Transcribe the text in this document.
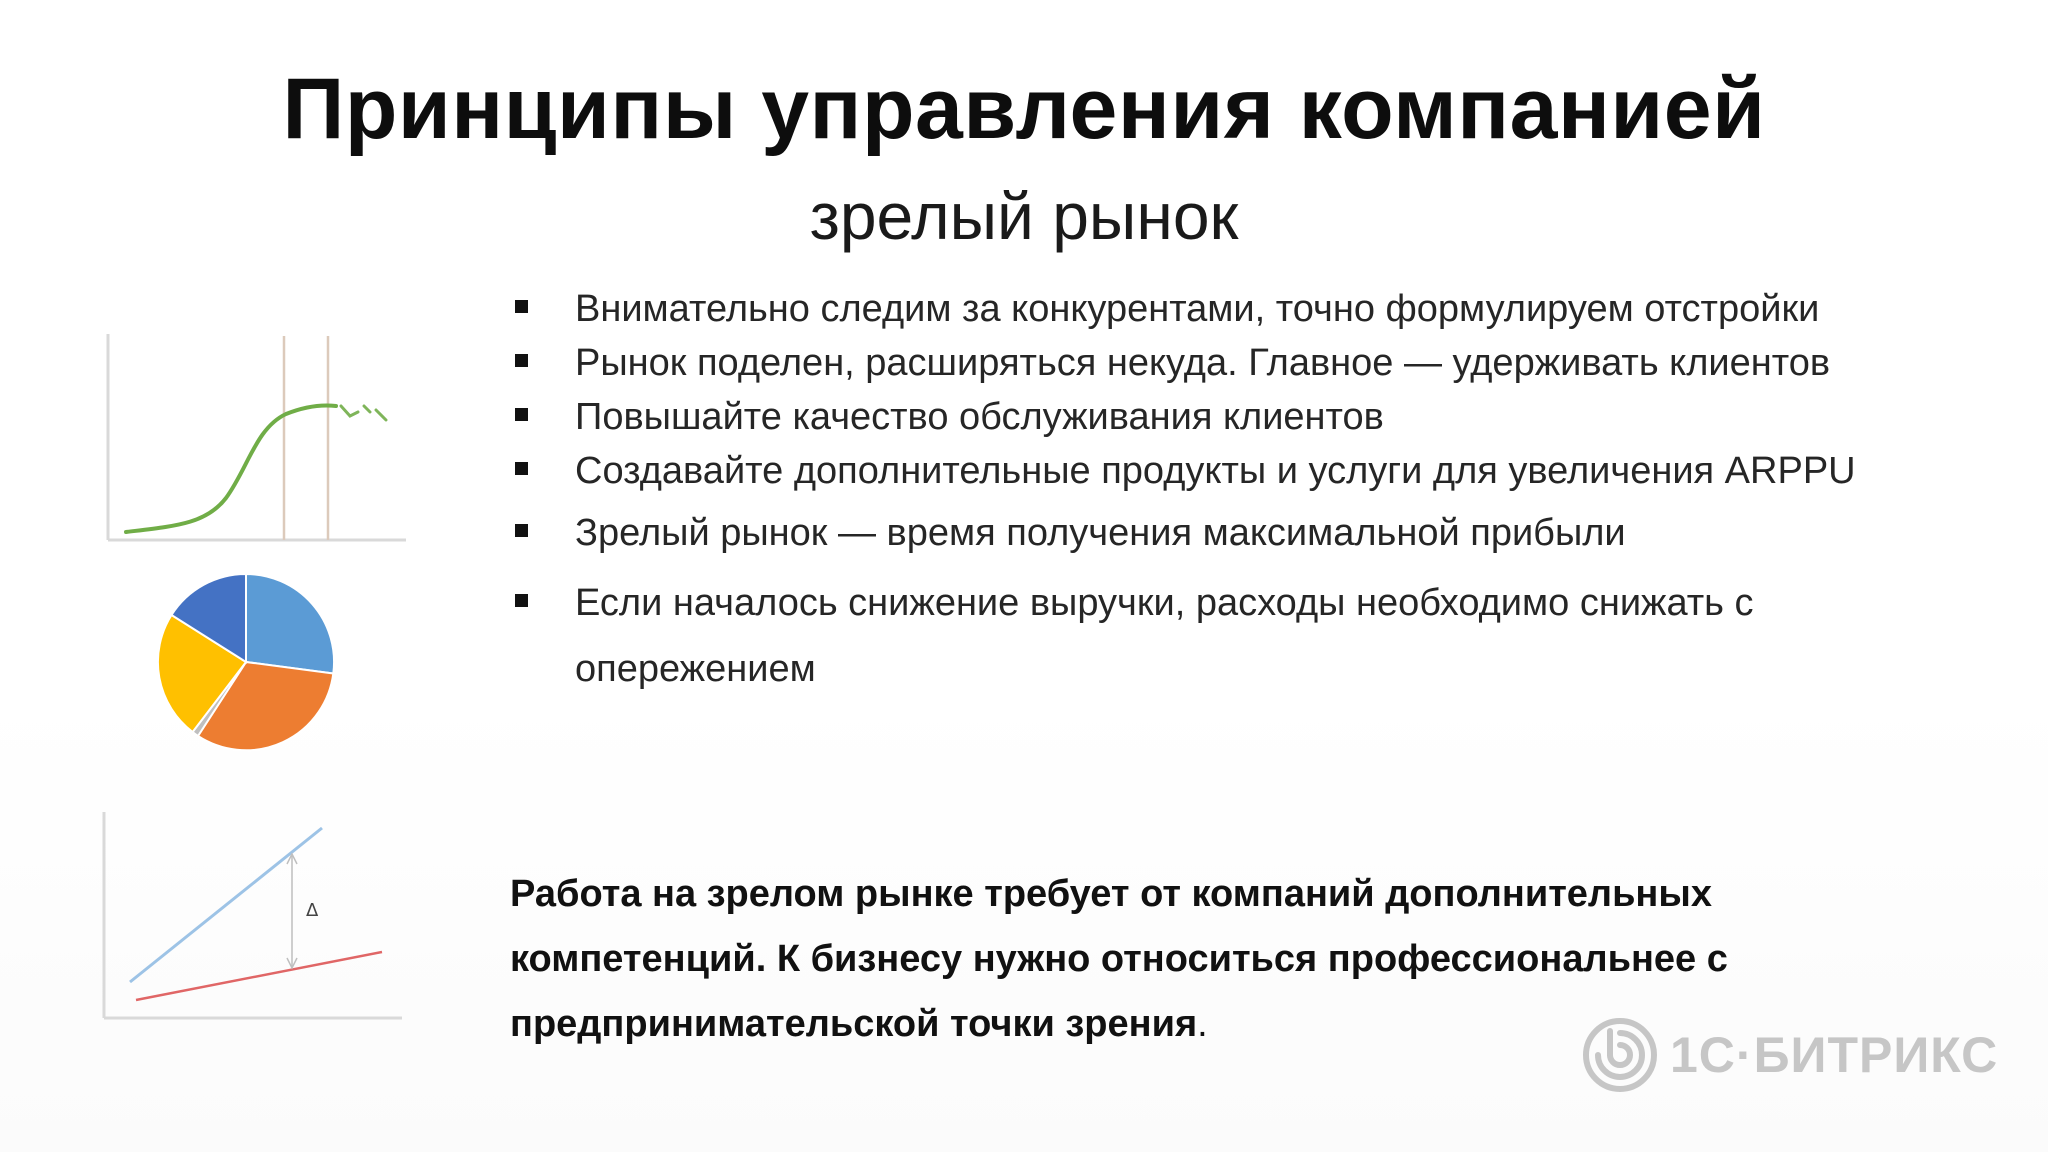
Принципы управления компанией
зрелый рынок
Δ
Внимательно следим за конкурентами, точно формулируем отстройки
Рынок поделен, расширяться некуда. Главное — удерживать клиентов
Повышайте качество обслуживания клиентов
Создавайте дополнительные продукты и услуги для увеличения ARPPU
Зрелый рынок — время получения максимальной прибыли
Если началось снижение выручки, расходы необходимо снижать с опережением

Работа на зрелом рынке требует от компаний дополнительных компетенций. К бизнесу нужно относиться профессиональнее с предпринимательской точки зрения.

1С·БИТРИКС
